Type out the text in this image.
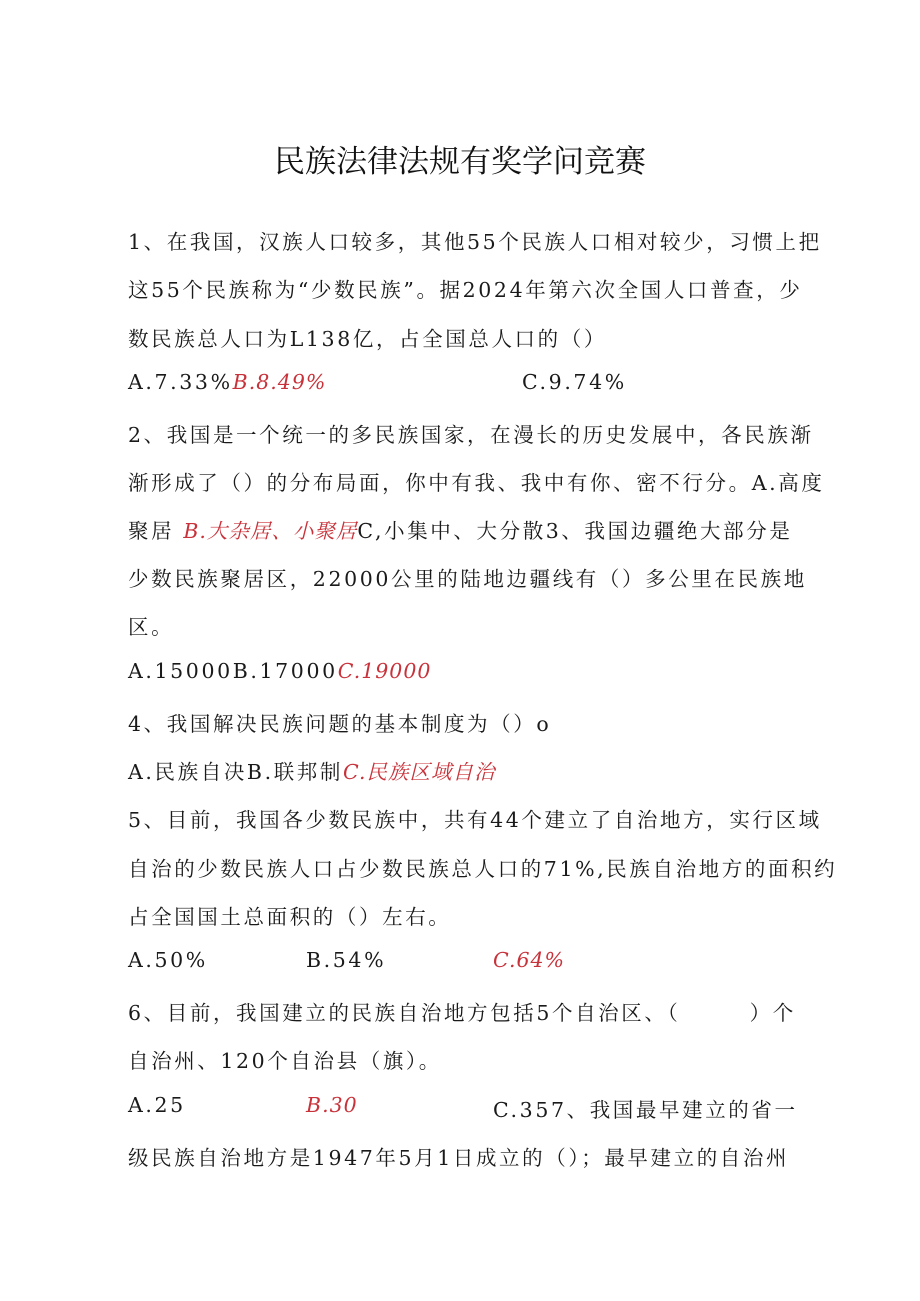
民族法律法规有奖学问竞赛
1、在我国，汉族人口较多，其他55个民族人口相对较少，习惯上把
这55个民族称为“少数民族”。据2024年第六次全国人口普查，少
数民族总人口为L138亿，占全国总人口的（）
A.7.33%B.8.49%	C.9.74%
2、我国是一个统一的多民族国家，在漫长的历史发展中，各民族渐
渐形成了（）的分布局面，你中有我、我中有你、密不行分。A.高度
聚居 B.大杂居、小聚居C,小集中、大分散3、我国边疆绝大部分是
少数民族聚居区，22000公里的陆地边疆线有（）多公里在民族地
区。
A.15000B.17000C.19000
4、我国解决民族问题的基本制度为（）o
A.民族自决B.联邦制C.民族区域自治
5、目前，我国各少数民族中，共有44个建立了自治地方，实行区域
自治的少数民族人口占少数民族总人口的71%,民族自治地方的面积约
占全国国土总面积的（）左右。
A.50%	B.54%	C.64%
6、目前，我国建立的民族自治地方包括5个自治区、（　　　）个
自治州、120个自治县（旗）。
A.25	B.30	C.357、我国最早建立的省一
级民族自治地方是1947年5月1日成立的（）；最早建立的自治州
